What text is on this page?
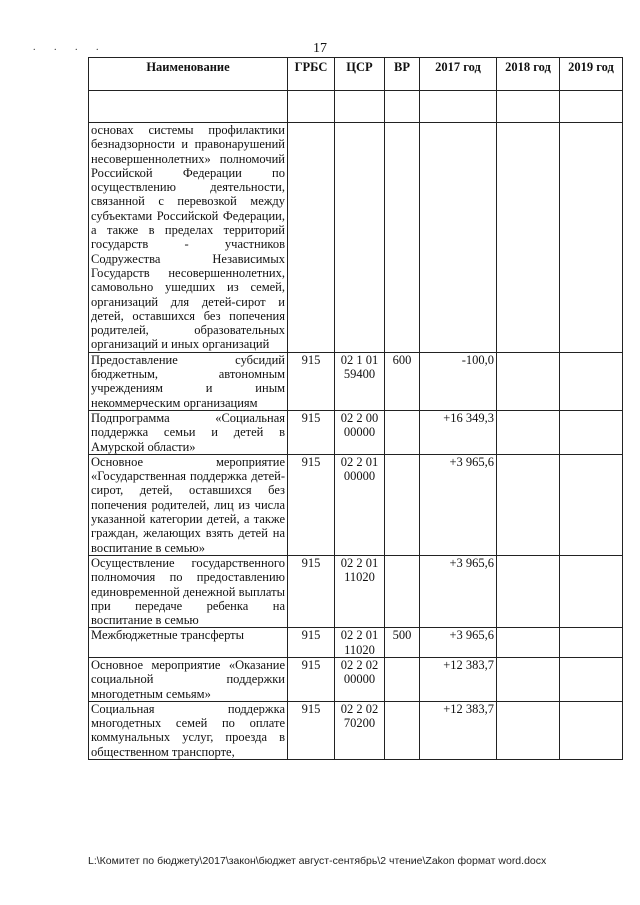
17
. . . .
Наименование	ГРБС	ЦСР	ВР	2017 год	2018 год	2019 год

основах системы профилактики безнадзорности и правонарушений несовершеннолетних» полномочий Российской Федерации по осуществлению деятельности, связанной с перевозкой между субъектами Российской Федерации, а также в пределах территорий государств - участников Содружества Независимых Государств несовершеннолетних, самовольно ушедших из семей, организаций для детей-сирот и детей, оставшихся без попечения родителей, образовательных организаций и иных организаций						
Предоставление субсидий бюджетным, автономным учреждениям и иным некоммерческим организациям	915	02 1 01 59400	600	-100,0		
Подпрограмма «Социальная поддержка семьи и детей в Амурской области»	915	02 2 00 00000		+16 349,3		
Основное мероприятие «Государственная поддержка детей-сирот, детей, оставшихся без попечения родителей, лиц из числа указанной категории детей, а также граждан, желающих взять детей на воспитание в семью»	915	02 2 01 00000		+3 965,6		
Осуществление государственного полномочия по предоставлению единовременной денежной выплаты при передаче ребенка на воспитание в семью	915	02 2 01 11020		+3 965,6		
Межбюджетные трансферты	915	02 2 01 11020	500	+3 965,6		
Основное мероприятие «Оказание социальной поддержки многодетным семьям»	915	02 2 02 00000		+12 383,7		
Социальная поддержка многодетных семей по оплате коммунальных услуг, проезда в общественном транспорте,	915	02 2 02 70200		+12 383,7		
L:\Комитет по бюджету\2017\закон\бюджет август-сентябрь\2 чтение\Zakon формат word.docx
